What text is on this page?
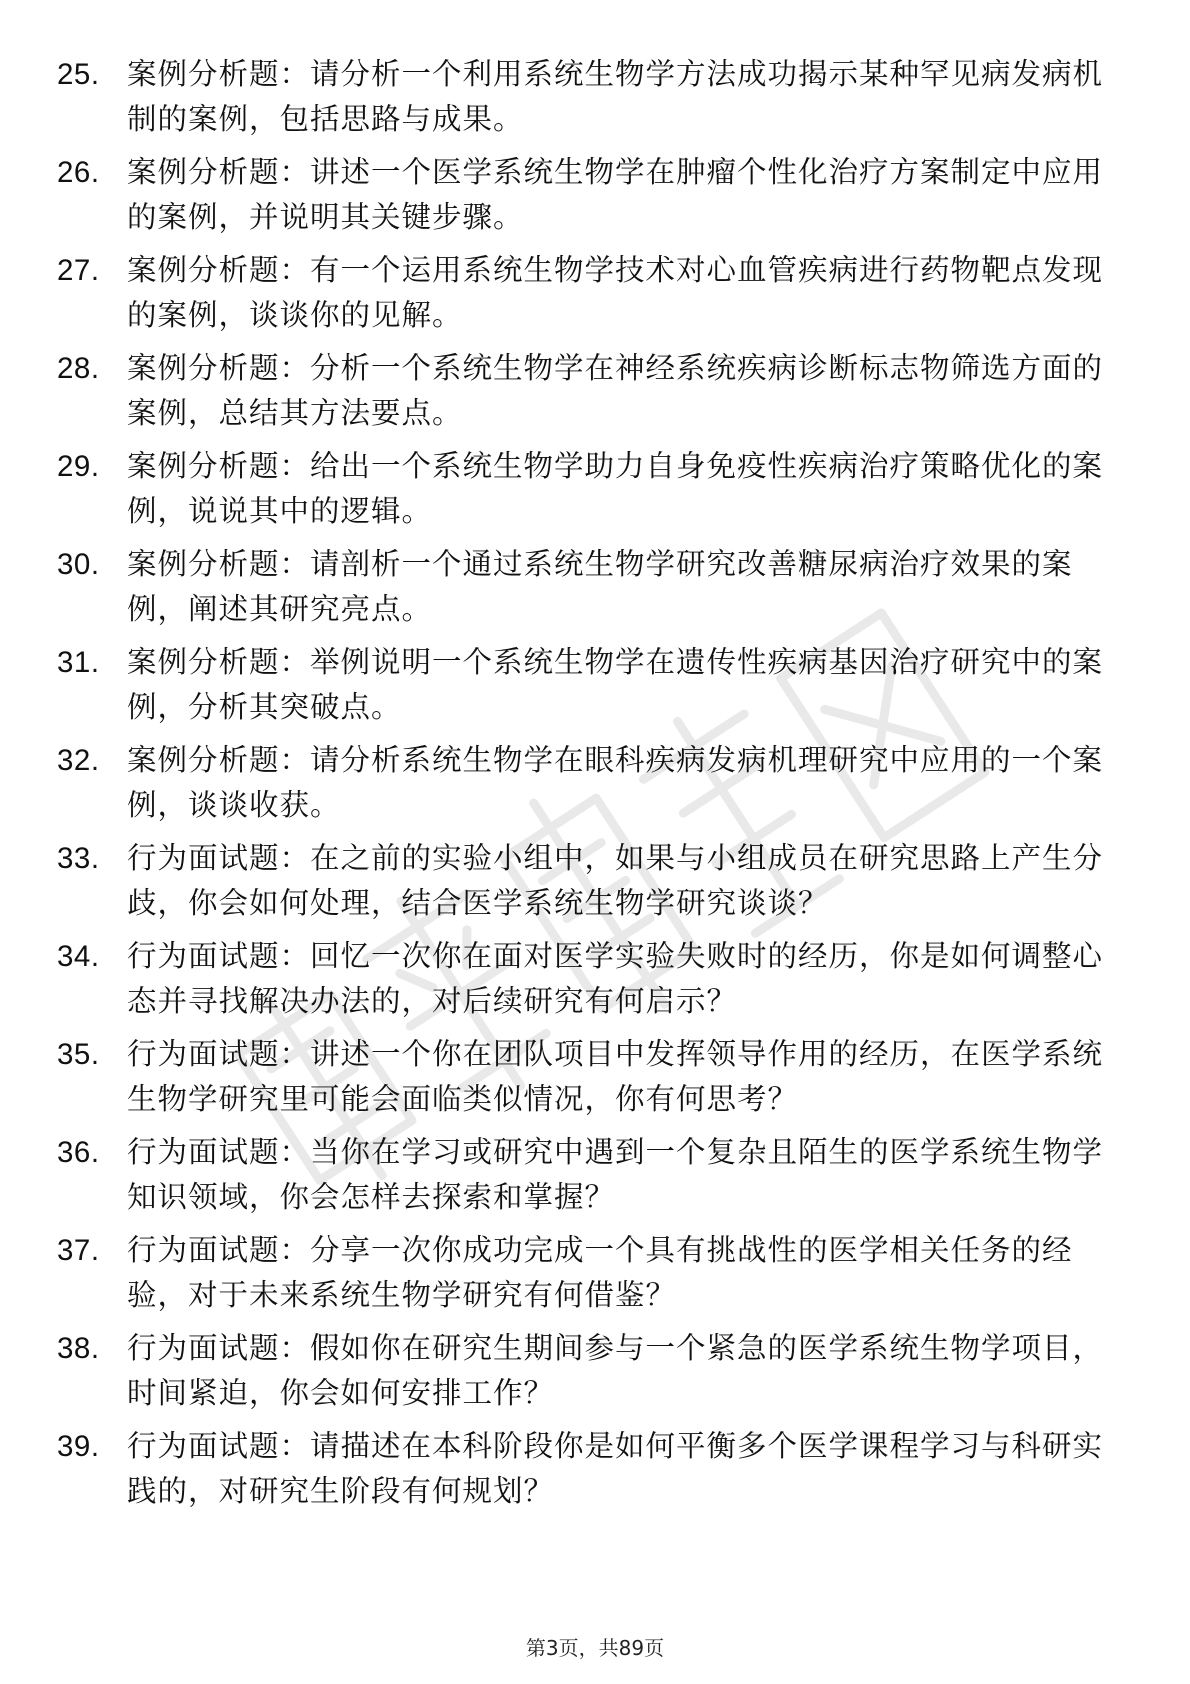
25. 案例分析题：请分析一个利用系统生物学方法成功揭示某种罕见病发病机制的案例，包括思路与成果。
26. 案例分析题：讲述一个医学系统生物学在肿瘤个性化治疗方案制定中应用的案例，并说明其关键步骤。
27. 案例分析题：有一个运用系统生物学技术对心血管疾病进行药物靶点发现的案例，谈谈你的见解。
28. 案例分析题：分析一个系统生物学在神经系统疾病诊断标志物筛选方面的案例，总结其方法要点。
29. 案例分析题：给出一个系统生物学助力自身免疫性疾病治疗策略优化的案例，说说其中的逻辑。
30. 案例分析题：请剖析一个通过系统生物学研究改善糖尿病治疗效果的案例，阐述其研究亮点。
31. 案例分析题：举例说明一个系统生物学在遗传性疾病基因治疗研究中的案例，分析其突破点。
32. 案例分析题：请分析系统生物学在眼科疾病发病机理研究中应用的一个案例，谈谈收获。
33. 行为面试题：在之前的实验小组中，如果与小组成员在研究思路上产生分歧，你会如何处理，结合医学系统生物学研究谈谈？
34. 行为面试题：回忆一次你在面对医学实验失败时的经历，你是如何调整心态并寻找解决办法的，对后续研究有何启示？
35. 行为面试题：讲述一个你在团队项目中发挥领导作用的经历，在医学系统生物学研究里可能会面临类似情况，你有何思考？
36. 行为面试题：当你在学习或研究中遇到一个复杂且陌生的医学系统生物学知识领域，你会怎样去探索和掌握？
37. 行为面试题：分享一次你成功完成一个具有挑战性的医学相关任务的经验，对于未来系统生物学研究有何借鉴？
38. 行为面试题：假如你在研究生期间参与一个紧急的医学系统生物学项目，时间紧迫，你会如何安排工作？
39. 行为面试题：请描述在本科阶段你是如何平衡多个医学课程学习与科研实践的，对研究生阶段有何规划？
第3页，共89页
